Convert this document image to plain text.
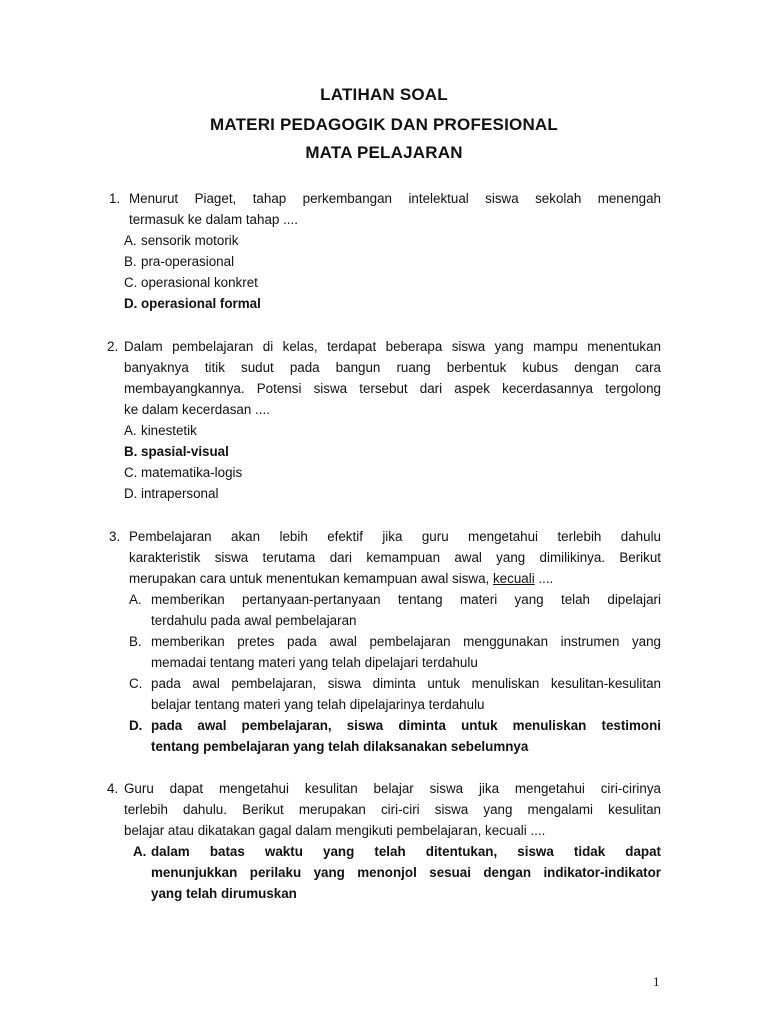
LATIHAN SOAL
MATERI PEDAGOGIK DAN PROFESIONAL
MATA PELAJARAN
1. Menurut Piaget, tahap perkembangan intelektual siswa sekolah menengah
termasuk ke dalam tahap ....
A. sensorik motorik
B. pra-operasional
C. operasional konkret
D. operasional formal
2. Dalam pembelajaran di kelas, terdapat beberapa siswa yang mampu menentukan
banyaknya titik sudut pada bangun ruang berbentuk kubus dengan cara
membayangkannya. Potensi siswa tersebut dari aspek kecerdasannya tergolong
ke dalam kecerdasan ....
A. kinestetik
B. spasial-visual
C. matematika-logis
D. intrapersonal
3. Pembelajaran akan lebih efektif jika guru mengetahui terlebih dahulu
karakteristik siswa terutama dari kemampuan awal yang dimilikinya. Berikut
merupakan cara untuk menentukan kemampuan awal siswa, kecuali ....
A. memberikan pertanyaan-pertanyaan tentang materi yang telah dipelajari
terdahulu pada awal pembelajaran
B. memberikan pretes pada awal pembelajaran menggunakan instrumen yang
memadai tentang materi yang telah dipelajari terdahulu
C. pada awal pembelajaran, siswa diminta untuk menuliskan kesulitan-kesulitan
belajar tentang materi yang telah dipelajarinya terdahulu
D. pada awal pembelajaran, siswa diminta untuk menuliskan testimoni
tentang pembelajaran yang telah dilaksanakan sebelumnya
4. Guru dapat mengetahui kesulitan belajar siswa jika mengetahui ciri-cirinya
terlebih dahulu. Berikut merupakan ciri-ciri siswa yang mengalami kesulitan
belajar atau dikatakan gagal dalam mengikuti pembelajaran, kecuali ....
A. dalam batas waktu yang telah ditentukan, siswa tidak dapat
menunjukkan perilaku yang menonjol sesuai dengan indikator-indikator
yang telah dirumuskan
1
